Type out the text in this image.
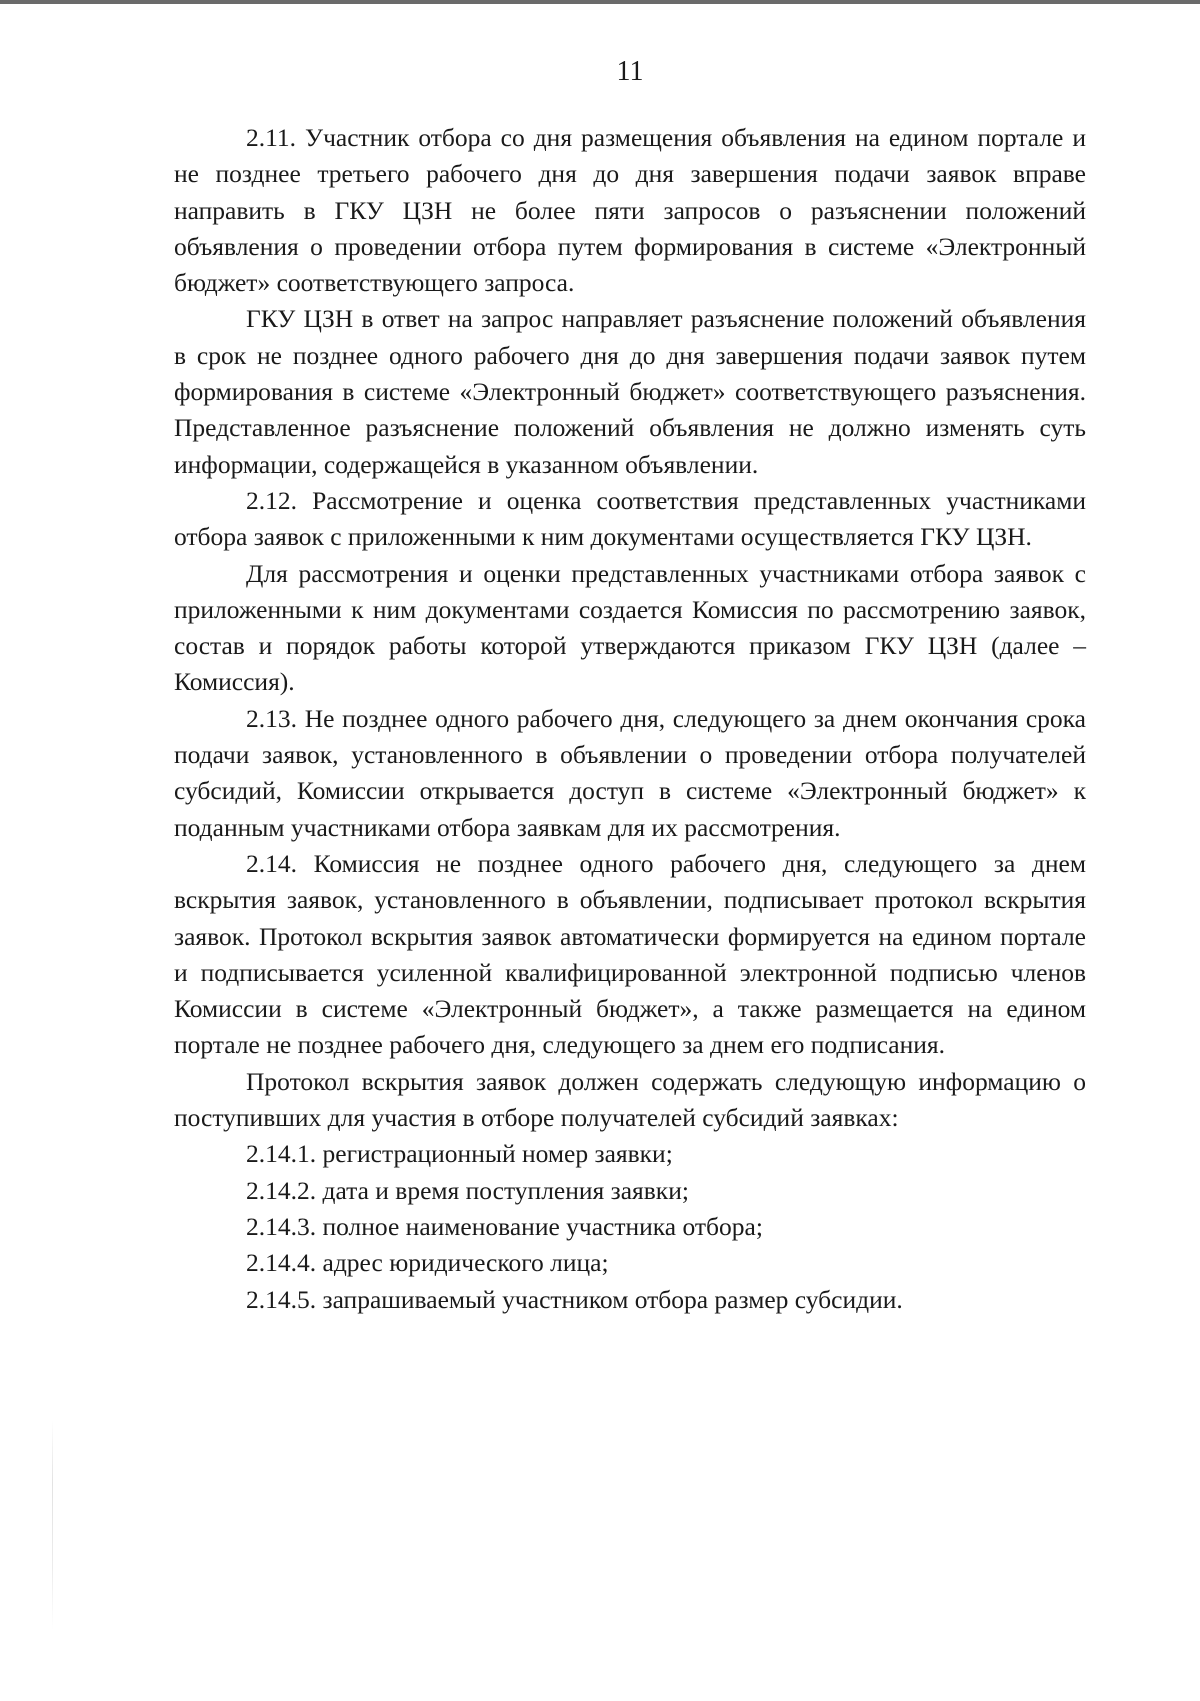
11

2.11. Участник отбора со дня размещения объявления на едином портале и не позднее третьего рабочего дня до дня завершения подачи заявок вправе направить в ГКУ ЦЗН не более пяти запросов о разъяснении положений объявления о проведении отбора путем формирования в системе «Электронный бюджет» соответствующего запроса.

ГКУ ЦЗН в ответ на запрос направляет разъяснение положений объявления в срок не позднее одного рабочего дня до дня завершения подачи заявок путем формирования в системе «Электронный бюджет» соответствующего разъяснения. Представленное разъяснение положений объявления не должно изменять суть информации, содержащейся в указанном объявлении.

2.12. Рассмотрение и оценка соответствия представленных участниками отбора заявок с приложенными к ним документами осуществляется ГКУ ЦЗН.

Для рассмотрения и оценки представленных участниками отбора заявок с приложенными к ним документами создается Комиссия по рассмотрению заявок, состав и порядок работы которой утверждаются приказом ГКУ ЦЗН (далее – Комиссия).

2.13. Не позднее одного рабочего дня, следующего за днем окончания срока подачи заявок, установленного в объявлении о проведении отбора получателей субсидий, Комиссии открывается доступ в системе «Электронный бюджет» к поданным участниками отбора заявкам для их рассмотрения.

2.14. Комиссия не позднее одного рабочего дня, следующего за днем вскрытия заявок, установленного в объявлении, подписывает протокол вскрытия заявок. Протокол вскрытия заявок автоматически формируется на едином портале и подписывается усиленной квалифицированной электронной подписью членов Комиссии в системе «Электронный бюджет», а также размещается на едином портале не позднее рабочего дня, следующего за днем его подписания.

Протокол вскрытия заявок должен содержать следующую информацию о поступивших для участия в отборе получателей субсидий заявках:

2.14.1. регистрационный номер заявки;

2.14.2. дата и время поступления заявки;

2.14.3. полное наименование участника отбора;

2.14.4. адрес юридического лица;

2.14.5. запрашиваемый участником отбора размер субсидии.
